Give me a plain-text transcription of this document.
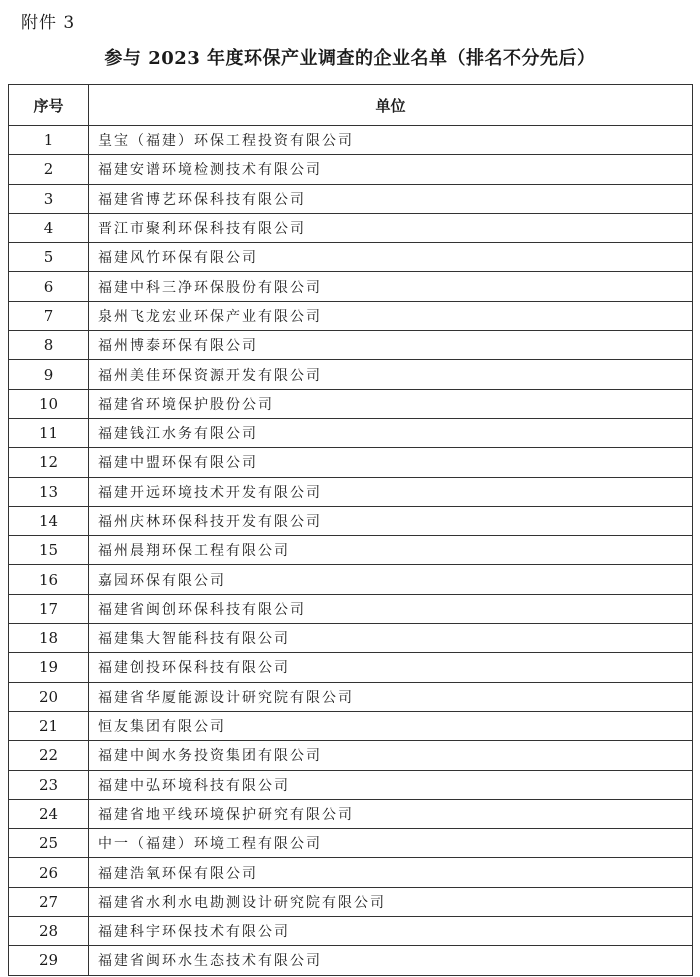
附件 3
参与 2023 年度环保产业调查的企业名单（排名不分先后）
序号	单位
1	皇宝（福建）环保工程投资有限公司
2	福建安谱环境检测技术有限公司
3	福建省博艺环保科技有限公司
4	晋江市聚利环保科技有限公司
5	福建风竹环保有限公司
6	福建中科三净环保股份有限公司
7	泉州飞龙宏业环保产业有限公司
8	福州博泰环保有限公司
9	福州美佳环保资源开发有限公司
10	福建省环境保护股份公司
11	福建钱江水务有限公司
12	福建中盟环保有限公司
13	福建开远环境技术开发有限公司
14	福州庆林环保科技开发有限公司
15	福州晨翔环保工程有限公司
16	嘉园环保有限公司
17	福建省闽创环保科技有限公司
18	福建集大智能科技有限公司
19	福建创投环保科技有限公司
20	福建省华厦能源设计研究院有限公司
21	恒友集团有限公司
22	福建中闽水务投资集团有限公司
23	福建中弘环境科技有限公司
24	福建省地平线环境保护研究有限公司
25	中一（福建）环境工程有限公司
26	福建浩氧环保有限公司
27	福建省水利水电勘测设计研究院有限公司
28	福建科宇环保技术有限公司
29	福建省闽环水生态技术有限公司
